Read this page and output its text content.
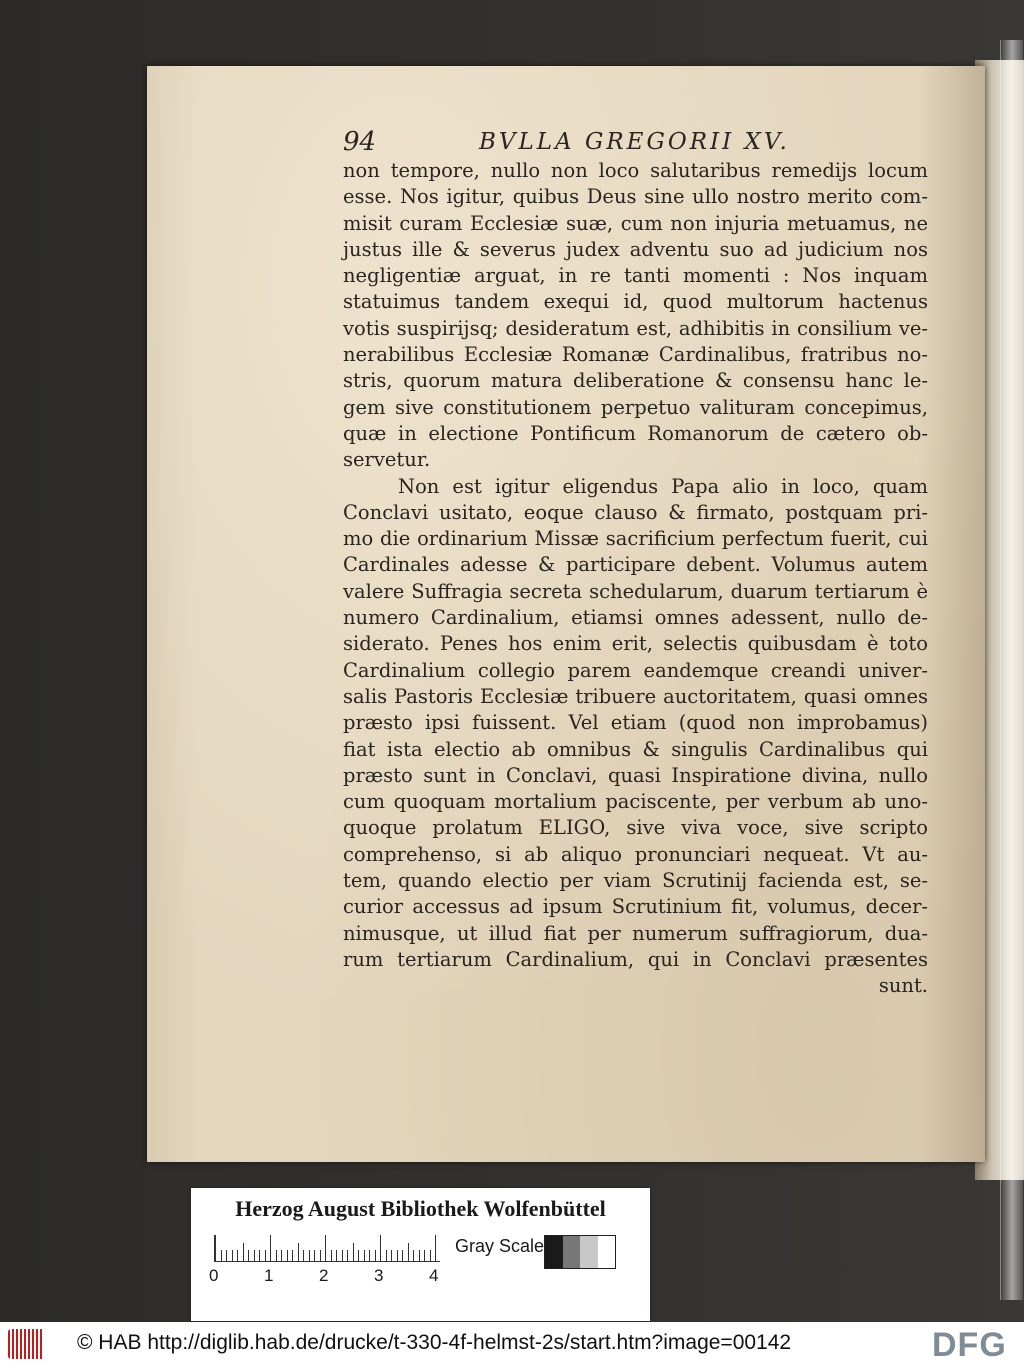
94	BVLLA GREGORII XV.
non tempore, nullo non loco salutaribus remedijs locum
esse. Nos igitur, quibus Deus sine ullo nostro merito com-
misit curam Ecclesiæ suæ, cum non injuria metuamus, ne
justus ille & severus judex adventu suo ad judicium nos
negligentiæ arguat, in re tanti momenti : Nos inquam
statuimus tandem exequi id, quod multorum hactenus
votis suspirijsq; desideratum est, adhibitis in consilium ve-
nerabilibus Ecclesiæ Romanæ Cardinalibus, fratribus no-
stris, quorum matura deliberatione & consensu hanc le-
gem sive constitutionem perpetuo valituram concepimus,
quæ in electione Pontificum Romanorum de cætero ob-
servetur.
Non est igitur eligendus Papa alio in loco, quam
Conclavi usitato, eoque clauso & firmato, postquam pri-
mo die ordinarium Missæ sacrificium perfectum fuerit, cui
Cardinales adesse & participare debent. Volumus autem
valere Suffragia secreta schedularum, duarum tertiarum è
numero Cardinalium, etiamsi omnes adessent, nullo de-
siderato. Penes hos enim erit, selectis quibusdam è toto
Cardinalium collegio parem eandemque creandi univer-
salis Pastoris Ecclesiæ tribuere auctoritatem, quasi omnes
præsto ipsi fuissent. Vel etiam (quod non improbamus)
fiat ista electio ab omnibus & singulis Cardinalibus qui
præsto sunt in Conclavi, quasi Inspiratione divina, nullo
cum quoquam mortalium paciscente, per verbum ab uno-
quoque prolatum ELIGO, sive viva voce, sive scripto
comprehenso, si ab aliquo pronunciari nequeat. Vt au-
tem, quando electio per viam Scrutinij facienda est, se-
curior accessus ad ipsum Scrutinium fit, volumus, decer-
nimusque, ut illud fiat per numerum suffragiorum, dua-
rum tertiarum Cardinalium, qui in Conclavi præsentes
sunt.
Herzog August Bibliothek Wolfenbüttel
0	1	2	3	4
Gray Scale
© HAB http://diglib.hab.de/drucke/t-330-4f-helmst-2s/start.htm?image=00142	DFG
